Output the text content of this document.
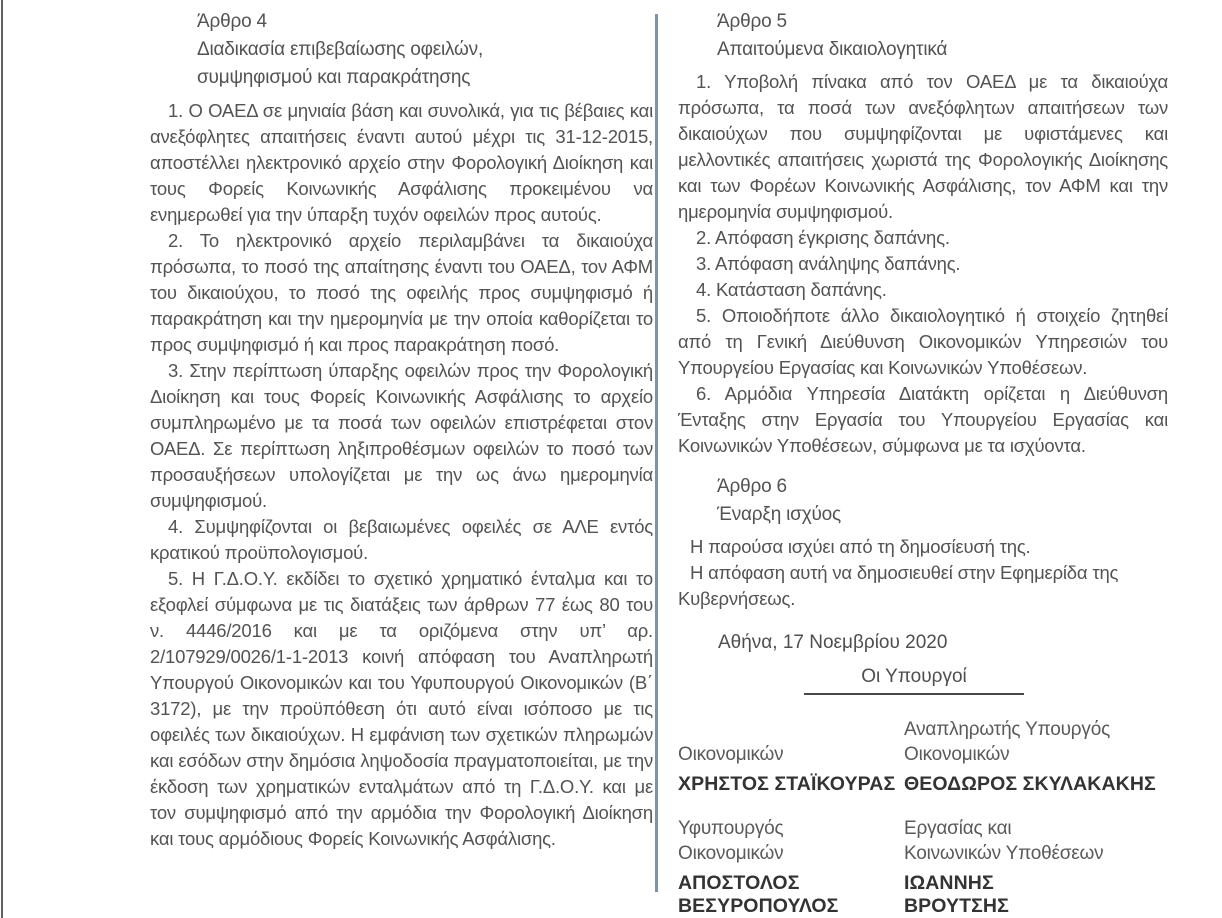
Άρθρο 4
Διαδικασία επιβεβαίωσης οφειλών,
συμψηφισμού και παρακράτησης

1. Ο ΟΑΕΔ σε μηνιαία βάση και συνολικά, για τις βέβαιες και ανεξόφλητες απαιτήσεις έναντι αυτού μέχρι τις 31-12-2015, αποστέλλει ηλεκτρονικό αρχείο στην Φορολογική Διοίκηση και τους Φορείς Κοινωνικής Ασφάλισης προκειμένου να ενημερωθεί για την ύπαρξη τυχόν οφειλών προς αυτούς.

2. Το ηλεκτρονικό αρχείο περιλαμβάνει τα δικαιούχα πρόσωπα, το ποσό της απαίτησης έναντι του ΟΑΕΔ, τον ΑΦΜ του δικαιούχου, το ποσό της οφειλής προς συμψηφισμό ή παρακράτηση και την ημερομηνία με την οποία καθορίζεται το προς συμψηφισμό ή και προς παρακράτηση ποσό.

3. Στην περίπτωση ύπαρξης οφειλών προς την Φορολογική Διοίκηση και τους Φορείς Κοινωνικής Ασφάλισης το αρχείο συμπληρωμένο με τα ποσά των οφειλών επιστρέφεται στον ΟΑΕΔ. Σε περίπτωση ληξιπροθέσμων οφειλών το ποσό των προσαυξήσεων υπολογίζεται με την ως άνω ημερομηνία συμψηφισμού.

4. Συμψηφίζονται οι βεβαιωμένες οφειλές σε ΑΛΕ εντός κρατικού προϋπολογισμού.

5. Η Γ.Δ.Ο.Υ. εκδίδει το σχετικό χρηματικό ένταλμα και το εξοφλεί σύμφωνα με τις διατάξεις των άρθρων 77 έως 80 του ν. 4446/2016 και με τα οριζόμενα στην υπ’ αρ. 2/107929/0026/1-1-2013 κοινή απόφαση του Αναπληρωτή Υπουργού Οικονομικών και του Υφυπουργού Οικονομικών (Β΄ 3172), με την προϋπόθεση ότι αυτό είναι ισόποσο με τις οφειλές των δικαιούχων. Η εμφάνιση των σχετικών πληρωμών και εσόδων στην δημόσια ληψοδοσία πραγματοποιείται, με την έκδοση των χρηματικών ενταλμάτων από τη Γ.Δ.Ο.Υ. και με τον συμψηφισμό από την αρμόδια την Φορολογική Διοίκηση και τους αρμόδιους Φορείς Κοινωνικής Ασφάλισης.

Άρθρο 5
Απαιτούμενα δικαιολογητικά

1. Υποβολή πίνακα από τον ΟΑΕΔ με τα δικαιούχα πρόσωπα, τα ποσά των ανεξόφλητων απαιτήσεων των δικαιούχων που συμψηφίζονται με υφιστάμενες και μελλοντικές απαιτήσεις χωριστά της Φορολογικής Διοίκησης και των Φορέων Κοινωνικής Ασφάλισης, τον ΑΦΜ και την ημερομηνία συμψηφισμού.

2. Απόφαση έγκρισης δαπάνης.

3. Απόφαση ανάληψης δαπάνης.

4. Κατάσταση δαπάνης.

5. Οποιοδήποτε άλλο δικαιολογητικό ή στοιχείο ζητηθεί από τη Γενική Διεύθυνση Οικονομικών Υπηρεσιών του Υπουργείου Εργασίας και Κοινωνικών Υποθέσεων.

6. Αρμόδια Υπηρεσία Διατάκτη ορίζεται η Διεύθυνση Ένταξης στην Εργασία του Υπουργείου Εργασίας και Κοινωνικών Υποθέσεων, σύμφωνα με τα ισχύοντα.

Άρθρο 6
Έναρξη ισχύος

Η παρούσα ισχύει από τη δημοσίευσή της.

Η απόφαση αυτή να δημοσιευθεί στην Εφημερίδα της Κυβερνήσεως.

Αθήνα, 17 Νοεμβρίου 2020
Οι Υπουργοί
Οικονομικών
Αναπληρωτής Υπουργός
Οικονομικών
ΧΡΗΣΤΟΣ ΣΤΑΪΚΟΥΡΑΣ ΘΕΟΔΩΡΟΣ ΣΚΥΛΑΚΑΚΗΣ
Υφυπουργός
Οικονομικών
Εργασίας και
Κοινωνικών Υποθέσεων
ΑΠΟΣΤΟΛΟΣ
ΒΕΣΥΡΟΠΟΥΛΟΣ
ΙΩΑΝΝΗΣ
ΒΡΟΥΤΣΗΣ
